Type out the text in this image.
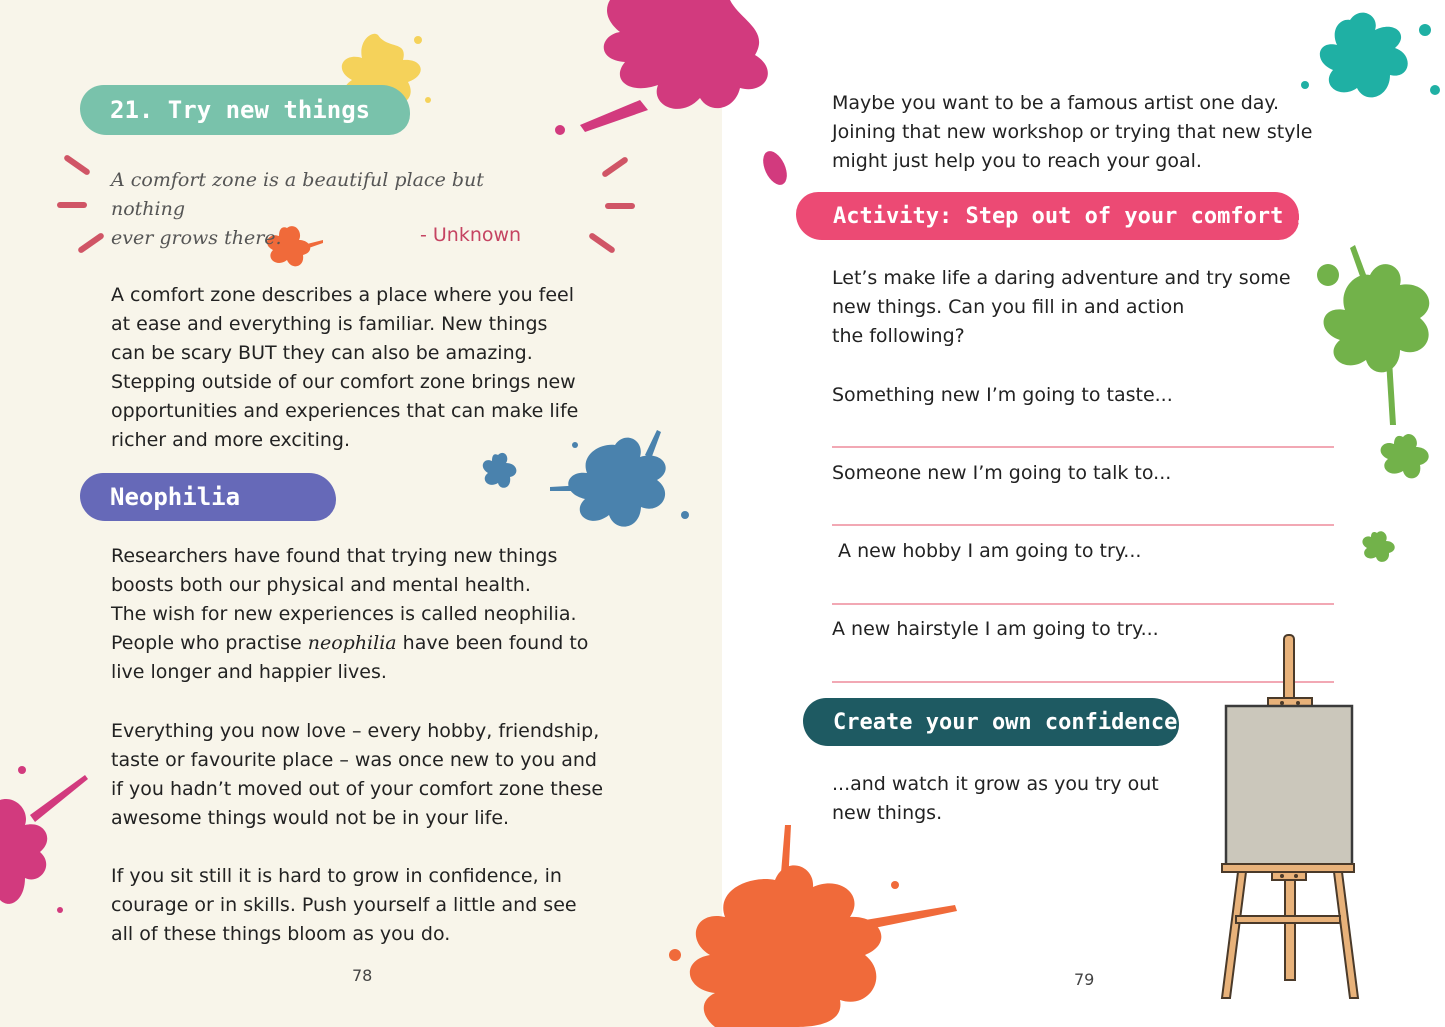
21. Try new things
A comfort zone is a beautiful place but nothing
ever grows there.	- Unknown

A comfort zone describes a place where you feel

at ease and everything is familiar. New things

can be scary BUT they can also be amazing.

Stepping outside of our comfort zone brings new

opportunities and experiences that can make life

richer and more exciting.

Neophilia

Researchers have found that trying new things

boosts both our physical and mental health.

The wish for new experiences is called neophilia.

People who practise neophilia have been found to

live longer and happier lives.

Everything you now love – every hobby, friendship,

taste or favourite place – was once new to you and

if you hadn’t moved out of your comfort zone these

awesome things would not be in your life.

If you sit still it is hard to grow in confidence, in

courage or in skills. Push yourself a little and see

all of these things bloom as you do.

78

Maybe you want to be a famous artist one day.

Joining that new workshop or trying that new style

might just help you to reach your goal.

Activity: Step out of your comfort zone

Let’s make life a daring adventure and try some

new things. Can you fill in and action

the following?

Something new I’m going to taste...
Someone new I’m going to talk to...
A new hobby I am going to try...
A new hairstyle I am going to try...
Create your own confidence...

...and watch it grow as you try out

new things.

79
